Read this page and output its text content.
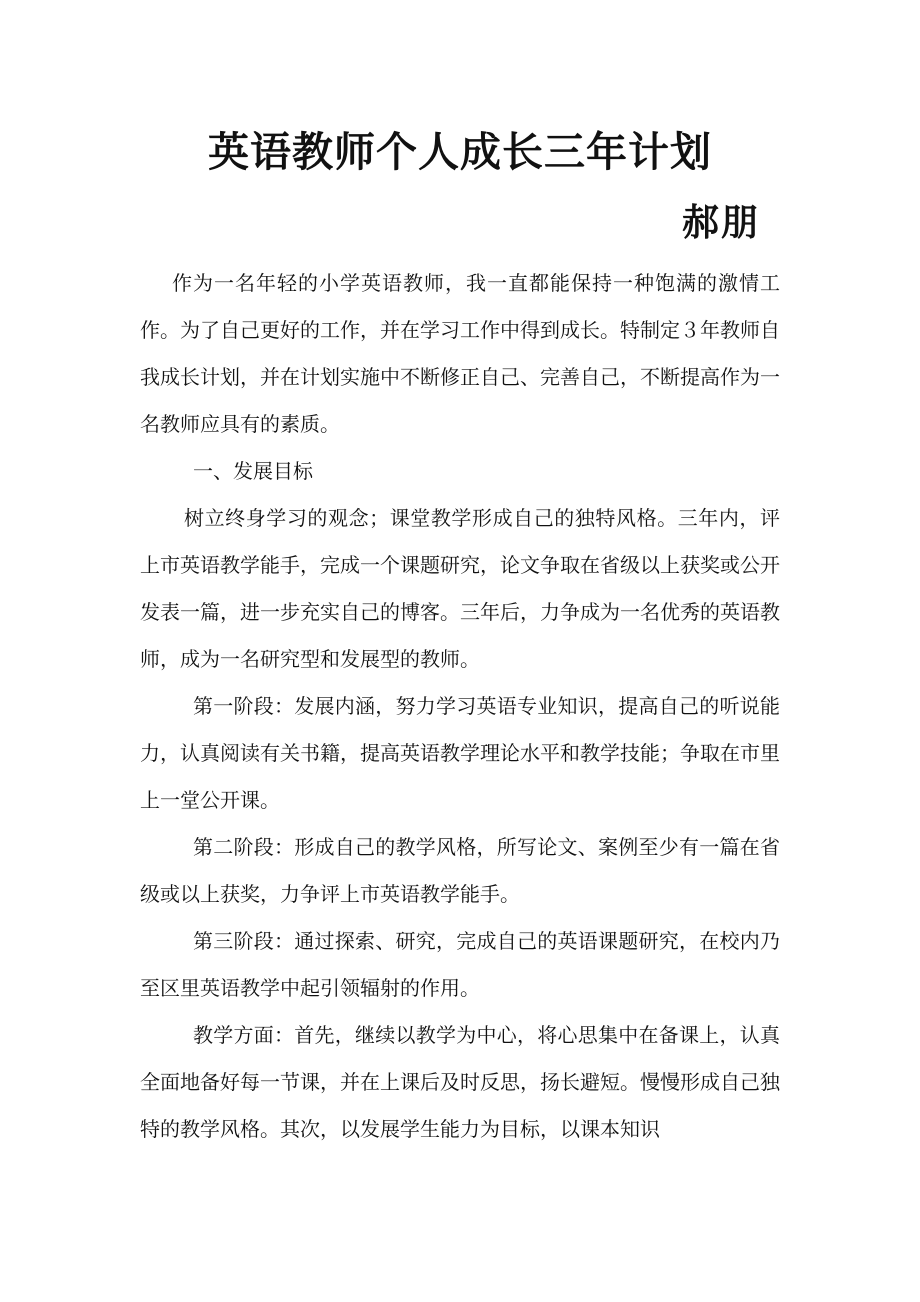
英语教师个人成长三年计划

郝朋

作为一名年轻的小学英语教师，我一直都能保持一种饱满的激情工作。为了自己更好的工作，并在学习工作中得到成长。特制定３年教师自我成长计划，并在计划实施中不断修正自己、完善自己，不断提高作为一名教师应具有的素质。

一、发展目标

树立终身学习的观念；课堂教学形成自己的独特风格。三年内，评上市英语教学能手，完成一个课题研究，论文争取在省级以上获奖或公开发表一篇，进一步充实自己的博客。三年后，力争成为一名优秀的英语教师，成为一名研究型和发展型的教师。

第一阶段：发展内涵，努力学习英语专业知识，提高自己的听说能力，认真阅读有关书籍，提高英语教学理论水平和教学技能；争取在市里上一堂公开课。

第二阶段：形成自己的教学风格，所写论文、案例至少有一篇在省级或以上获奖，力争评上市英语教学能手。

第三阶段：通过探索、研究，完成自己的英语课题研究，在校内乃至区里英语教学中起引领辐射的作用。

教学方面：首先，继续以教学为中心，将心思集中在备课上，认真全面地备好每一节课，并在上课后及时反思，扬长避短。慢慢形成自己独特的教学风格。其次，以发展学生能力为目标，以课本知识
